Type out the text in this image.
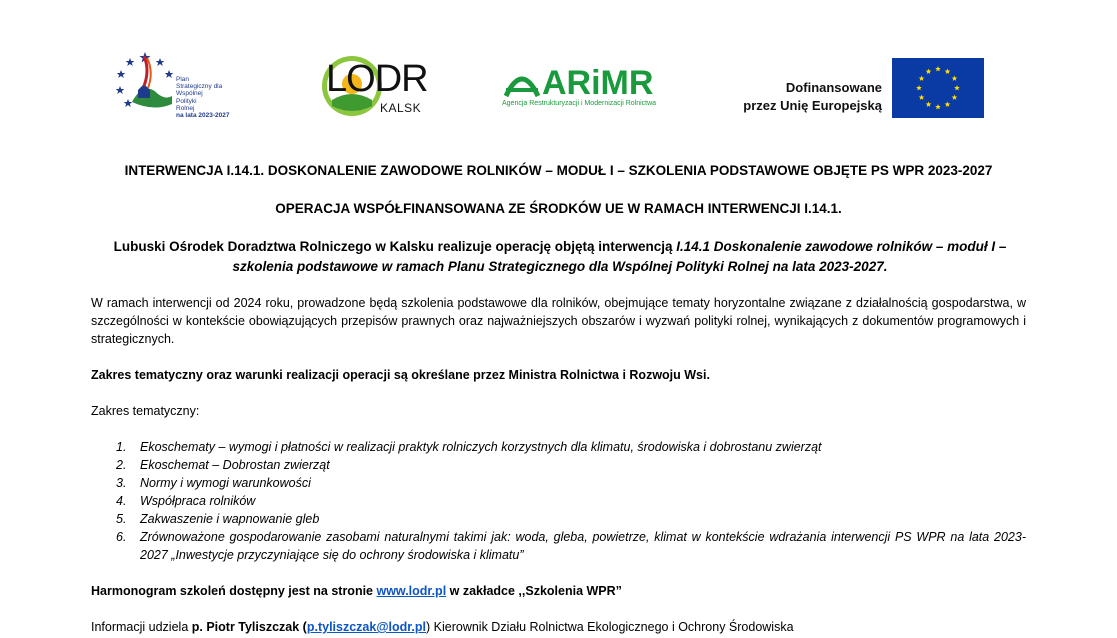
Plan
Strategiczny dla
Wspólnej
Polityki
Rolnej
na lata 2023-2027
LODR
KALSK
ARiMR
Agencja Restrukturyzacji i Modernizacji Rolnictwa
Dofinansowane
przez Unię Europejską
INTERWENCJA I.14.1. DOSKONALENIE ZAWODOWE ROLNIKÓW – MODUŁ I – SZKOLENIA PODSTAWOWE OBJĘTE PS WPR 2023-2027
OPERACJA WSPÓŁFINANSOWANA ZE ŚRODKÓW UE W RAMACH INTERWENCJI I.14.1.
Lubuski Ośrodek Doradztwa Rolniczego w Kalsku realizuje operację objętą interwencją I.14.1 Doskonalenie zawodowe rolników – moduł I – szkolenia podstawowe w ramach Planu Strategicznego dla Wspólnej Polityki Rolnej na lata 2023-2027.
W ramach interwencji od 2024 roku, prowadzone będą szkolenia podstawowe dla rolników, obejmujące tematy horyzontalne związane z działalnością gospodarstwa, w szczególności w kontekście obowiązujących przepisów prawnych oraz najważniejszych obszarów i wyzwań polityki rolnej, wynikających z dokumentów programowych i strategicznych.
Zakres tematyczny oraz warunki realizacji operacji są określane przez Ministra Rolnictwa i Rozwoju Wsi.
Zakres tematyczny:
1. Ekoschematy – wymogi i płatności w realizacji praktyk rolniczych korzystnych dla klimatu, środowiska i dobrostanu zwierząt
2. Ekoschemat – Dobrostan zwierząt
3. Normy i wymogi warunkowości
4. Współpraca rolników
5. Zakwaszenie i wapnowanie gleb
6. Zrównoważone gospodarowanie zasobami naturalnymi takimi jak: woda, gleba, powietrze, klimat w kontekście wdrażania interwencji PS WPR na lata 2023-2027 „Inwestycje przyczyniające się do ochrony środowiska i klimatu”
Harmonogram szkoleń dostępny jest na stronie www.lodr.pl w zakładce ,,Szkolenia WPR”
Informacji udziela p. Piotr Tyliszczak (p.tyliszczak@lodr.pl) Kierownik Działu Rolnictwa Ekologicznego i Ochrony Środowiska
